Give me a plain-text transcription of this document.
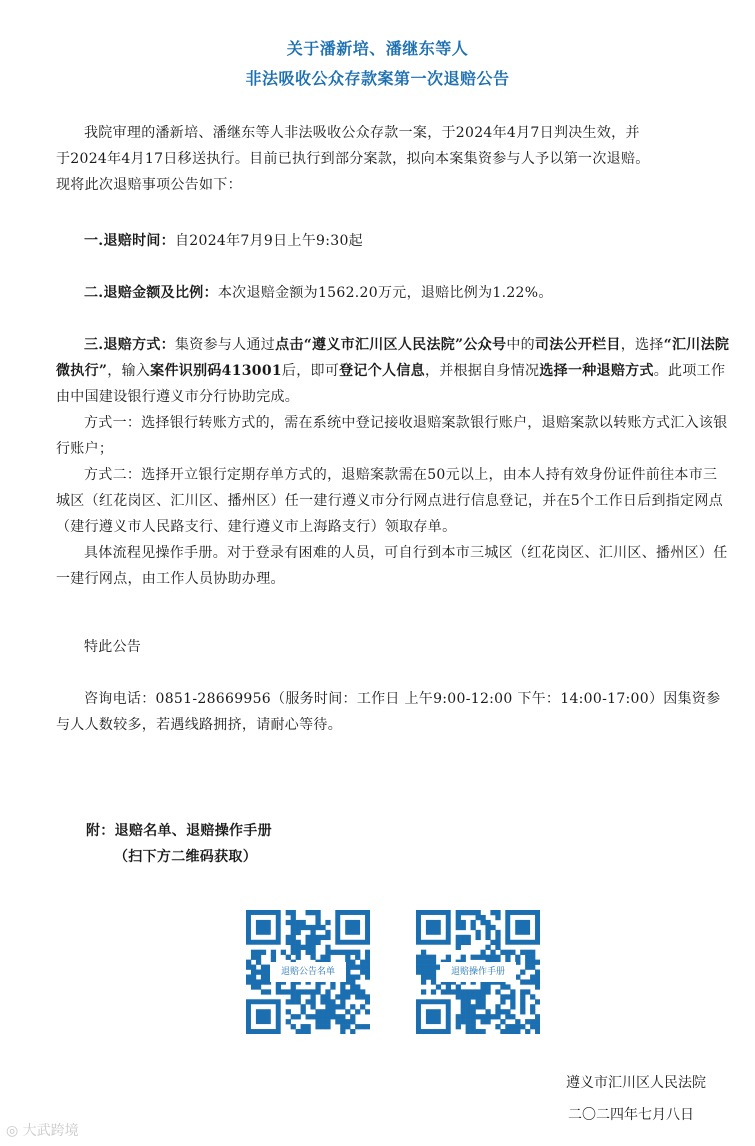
关于潘新培、潘继东等人
非法吸收公众存款案第一次退赔公告
我院审理的潘新培、潘继东等人非法吸收公众存款一案，于2024年4月7日判决生效，并
于2024年4月17日移送执行。目前已执行到部分案款，拟向本案集资参与人予以第一次退赔。
现将此次退赔事项公告如下：
一.退赔时间：自2024年7月9日上午9:30起
二.退赔金额及比例：本次退赔金额为1562.20万元，退赔比例为1.22%。
三.退赔方式：集资参与人通过点击“遵义市汇川区人民法院”公众号中的司法公开栏目，选择“汇川法院微执行”，输入案件识别码413001后，即可登记个人信息，并根据自身情况选择一种退赔方式。此项工作由中国建设银行遵义市分行协助完成。
方式一：选择银行转账方式的，需在系统中登记接收退赔案款银行账户，退赔案款以转账方式汇入该银行账户；
方式二：选择开立银行定期存单方式的，退赔案款需在50元以上，由本人持有效身份证件前往本市三城区（红花岗区、汇川区、播州区）任一建行遵义市分行网点进行信息登记，并在5个工作日后到指定网点（建行遵义市人民路支行、建行遵义市上海路支行）领取存单。
具体流程见操作手册。对于登录有困难的人员，可自行到本市三城区（红花岗区、汇川区、播州区）任一建行网点，由工作人员协助办理。
特此公告
咨询电话：0851-28669956（服务时间：工作日 上午9:00-12:00 下午：14:00-17:00）因集资参与人人数较多，若遇线路拥挤，请耐心等待。
附：退赔名单、退赔操作手册
（扫下方二维码获取）
退赔公告名单	退赔操作手册
遵义市汇川区人民法院
二〇二四年七月八日
◎ 大武跨境
